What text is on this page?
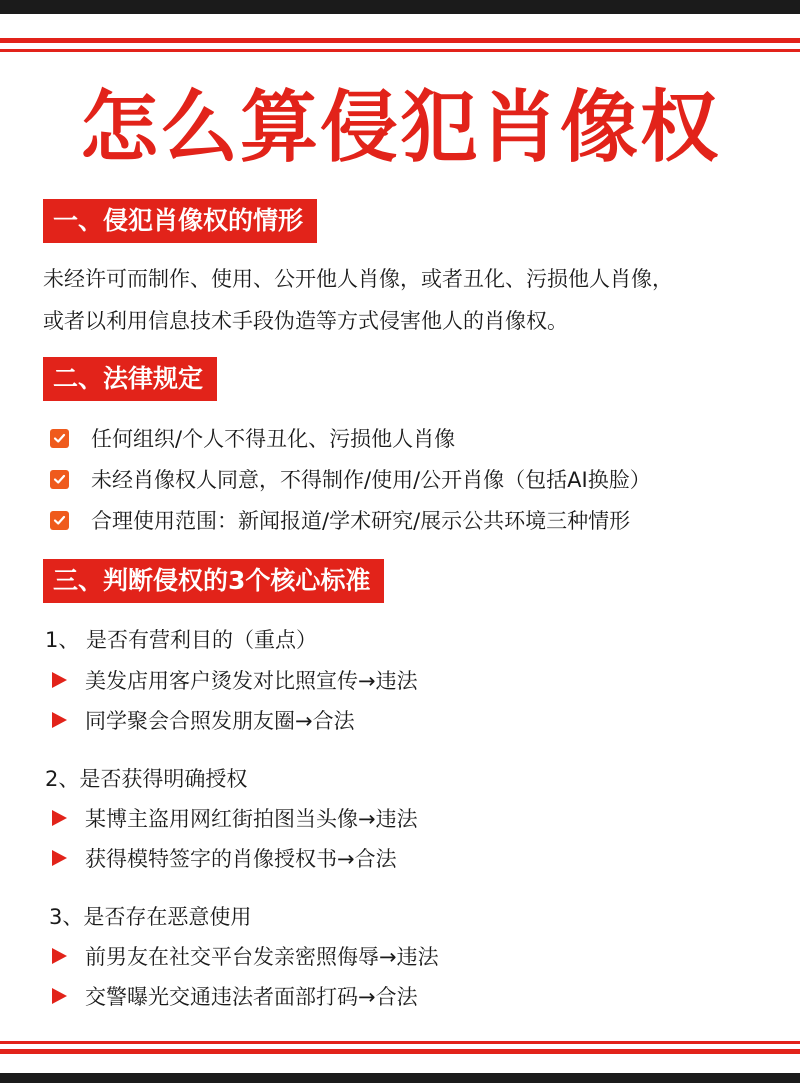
怎么算侵犯肖像权
一、侵犯肖像权的情形
未经许可而制作、使用、公开他人肖像，或者丑化、污损他人肖像，
或者以利用信息技术手段伪造等方式侵害他人的肖像权。
二、法律规定
任何组织/个人不得丑化、污损他人肖像
未经肖像权人同意，不得制作/使用/公开肖像（包括AI换脸）
合理使用范围：新闻报道/学术研究/展示公共环境三种情形
三、判断侵权的3个核心标准
1、 是否有营利目的（重点）
美发店用客户烫发对比照宣传→违法
同学聚会合照发朋友圈→合法
2、是否获得明确授权
某博主盗用网红街拍图当头像→违法
获得模特签字的肖像授权书→合法
3、是否存在恶意使用
前男友在社交平台发亲密照侮辱→违法
交警曝光交通违法者面部打码→合法
